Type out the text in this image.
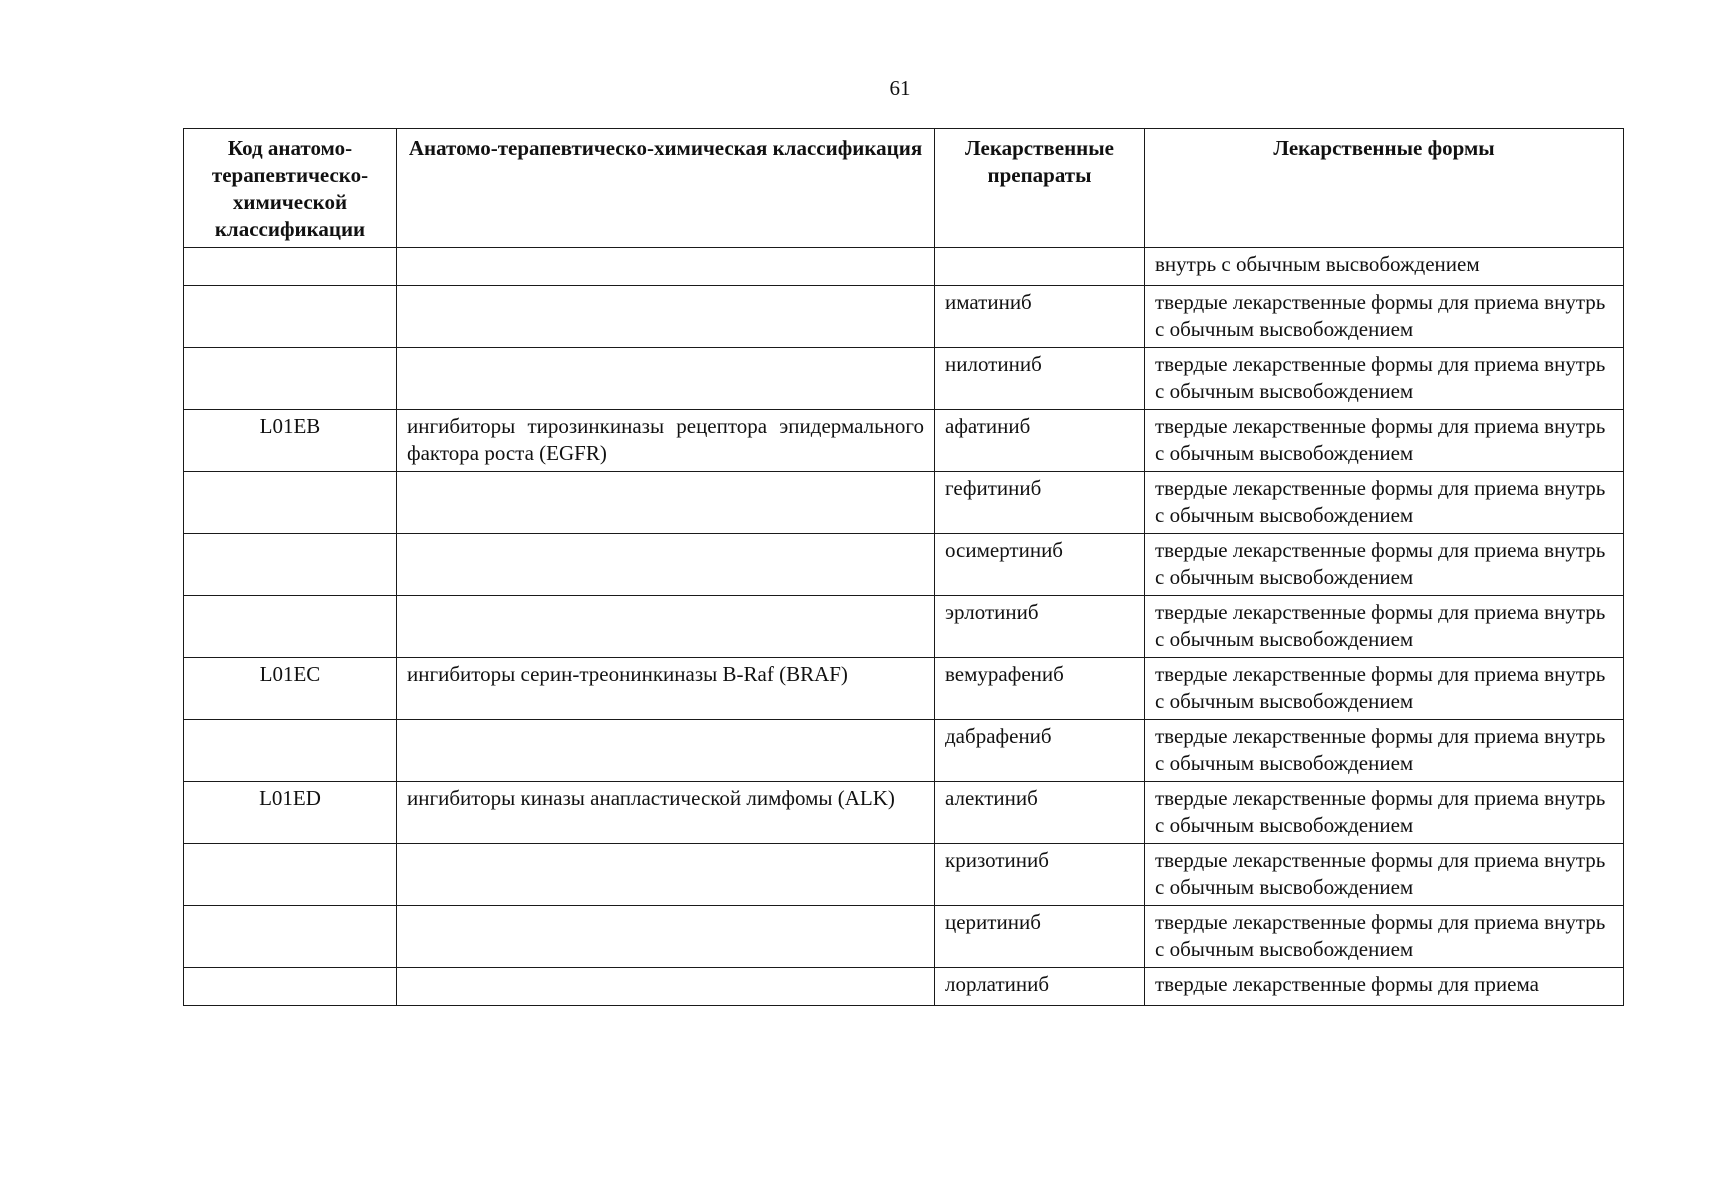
61
Код анатомо-терапевтическо-химической классификации	Анатомо-терапевтическо-химическая классификация	Лекарственные препараты	Лекарственные формы
			внутрь с обычным высвобождением
		иматиниб	твердые лекарственные формы для приема внутрь с обычным высвобождением
		нилотиниб	твердые лекарственные формы для приема внутрь с обычным высвобождением
L01EB	ингибиторы тирозинкиназы рецептора эпидермального фактора роста (EGFR)	афатиниб	твердые лекарственные формы для приема внутрь с обычным высвобождением
		гефитиниб	твердые лекарственные формы для приема внутрь с обычным высвобождением
		осимертиниб	твердые лекарственные формы для приема внутрь с обычным высвобождением
		эрлотиниб	твердые лекарственные формы для приема внутрь с обычным высвобождением
L01EC	ингибиторы серин-треонинкиназы B-Raf (BRAF)	вемурафениб	твердые лекарственные формы для приема внутрь с обычным высвобождением
		дабрафениб	твердые лекарственные формы для приема внутрь с обычным высвобождением
L01ED	ингибиторы киназы анапластической лимфомы (ALK)	алектиниб	твердые лекарственные формы для приема внутрь с обычным высвобождением
		кризотиниб	твердые лекарственные формы для приема внутрь с обычным высвобождением
		церитиниб	твердые лекарственные формы для приема внутрь с обычным высвобождением
		лорлатиниб	твердые лекарственные формы для приема
